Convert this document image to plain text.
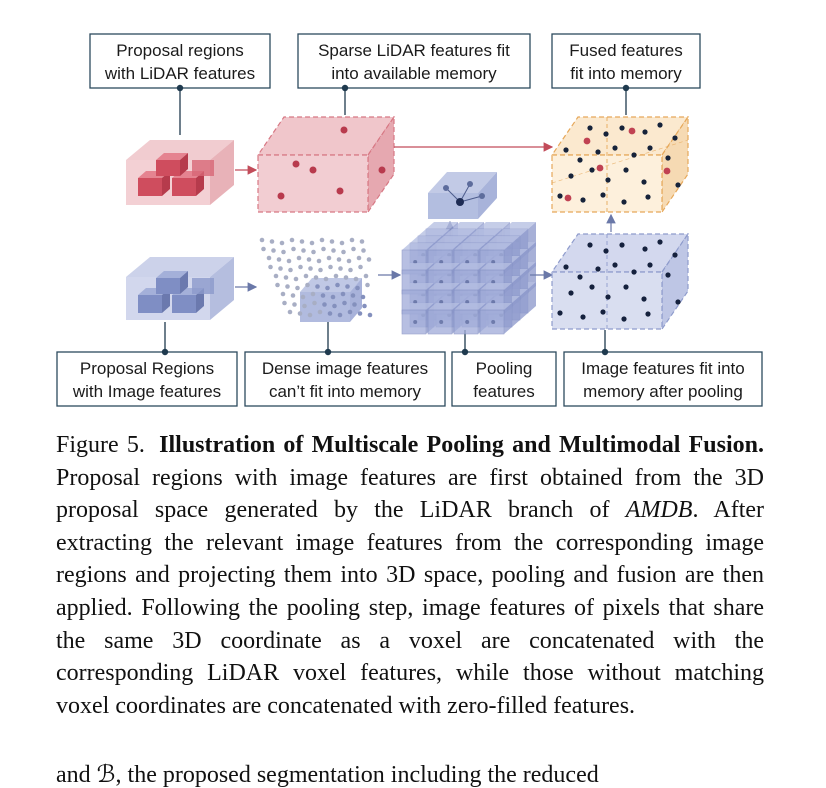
Proposal regions
with LiDAR features
Sparse LiDAR features fit
into available memory
Fused features
fit into memory
Proposal Regions
with Image features
Dense image features
can’t fit into memory
Pooling
features
Image features fit into
memory after pooling

Figure 5. Illustration of Multiscale Pooling and Multimodal Fusion. Proposal regions with image features are first obtained from the 3D proposal space generated by the LiDAR branch of AMDB. After extracting the relevant image features from the corresponding image regions and projecting them into 3D space, pooling and fusion are then applied. Following the pooling step, image features of pixels that share the same 3D coordinate as a voxel are concatenated with the corresponding LiDAR voxel features, while those without matching voxel coordinates are concatenated with zero-filled features.

and ℬ, the proposed segmentation including the reduced
